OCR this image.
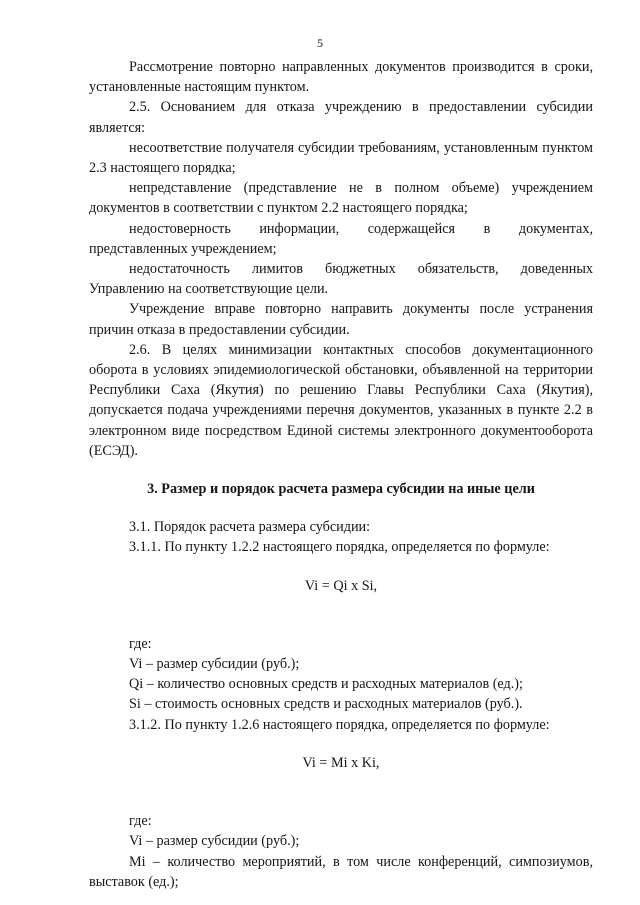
5

Рассмотрение повторно направленных документов производится в сроки, установленные настоящим пунктом.

2.5. Основанием для отказа учреждению в предоставлении субсидии является:

несоответствие получателя субсидии требованиям, установленным пунктом 2.3 настоящего порядка;

непредставление (представление не в полном объеме) учреждением документов в соответствии с пунктом 2.2 настоящего порядка;

недостоверность информации, содержащейся в документах, представленных учреждением;

недостаточность лимитов бюджетных обязательств, доведенных Управлению на соответствующие цели.

Учреждение вправе повторно направить документы после устранения причин отказа в предоставлении субсидии.

2.6. В целях минимизации контактных способов документационного оборота в условиях эпидемиологической обстановки, объявленной на территории Республики Саха (Якутия) по решению Главы Республики Саха (Якутия), допускается подача учреждениями перечня документов, указанных в пункте 2.2 в электронном виде посредством Единой системы электронного документооборота (ЕСЭД).

3. Размер и порядок расчета размера субсидии на иные цели

3.1. Порядок расчета размера субсидии:

3.1.1. По пункту 1.2.2 настоящего порядка, определяется по формуле:

Vi = Qi x Si,

где:

Vi – размер субсидии (руб.);

Qi – количество основных средств и расходных материалов (ед.);

Si – стоимость основных средств и расходных материалов (руб.).

3.1.2. По пункту 1.2.6 настоящего порядка, определяется по формуле:

Vi = Mi x Ki,

где:

Vi – размер субсидии (руб.);

Mi – количество мероприятий, в том числе конференций, симпозиумов, выставок (ед.);
